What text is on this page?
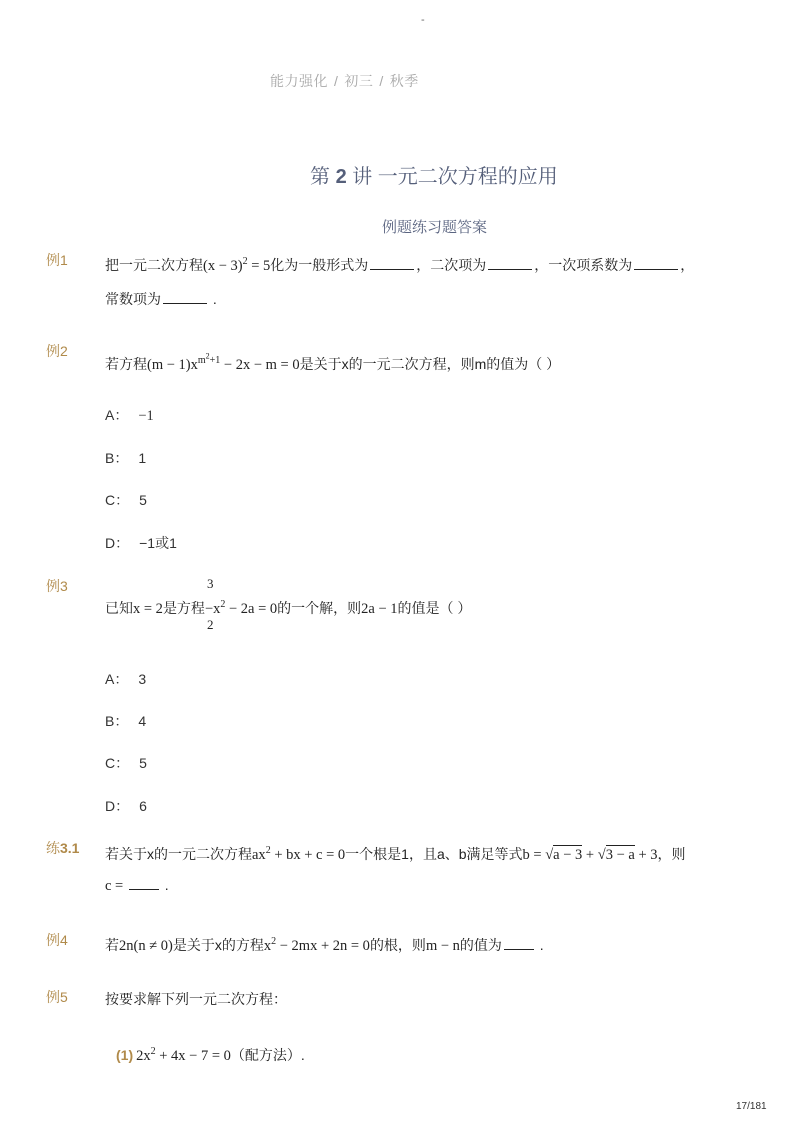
-
能力强化 / 初三 / 秋季
第 2 讲 一元二次方程的应用
例题练习题答案
例1	把一元二次方程$(x - 3)^2 = 5$化为一般形式为	，二次项为	，一次项系数为	，
常数项为	.
例2
若方程$(m - 1)x^{m^2+1} - 2x - m = 0$是关于x的一元二次方程，则m的值为（ ）
A： −1
B： 1
C： 5
D： −1或1
例3	3
2
已知x = 2是方程$-x^2 - 2a = 0$的一个解，则2a − 1的值是（ ）
A： 3
B： 4
C： 5
D： 6
练3.1 若关于x的一元二次方程$ax^2$ + bx + c = 0一个根是1，且a、b满足等式b = √a − 3 + √3 − a + 3，则
c =	.
例4	若2n(n ≠ 0)是关于x的方程$x^2 - 2mx + 2n = 0$的根，则m − n的值为	.
例5	按要求解下列一元二次方程：
(1) $2x^2 + 4x - 7 = 0$（配方法）.
17/181
